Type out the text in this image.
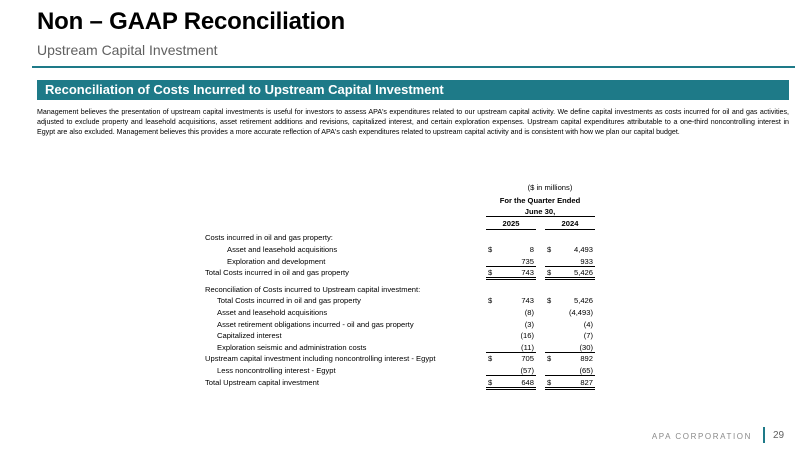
Non – GAAP Reconciliation
Upstream Capital Investment
Reconciliation of Costs Incurred to Upstream Capital Investment
Management believes the presentation of upstream capital investments is useful for investors to assess APA's expenditures related to our upstream capital activity. We define capital investments as costs incurred for oil and gas activities, adjusted to exclude property and leasehold acquisitions, asset retirement additions and revisions, capitalized interest, and certain exploration expenses. Upstream capital expenditures attributable to a one-third noncontrolling interest in Egypt are also excluded. Management believes this provides a more accurate reflection of APA's cash expenditures related to upstream capital activity and is consistent with how we plan our capital budget.
($ in millions)
For the Quarter Ended
June 30,
2025	2024
Costs incurred in oil and gas property:
Asset and leasehold acquisitions	$	8 $	4,493
Exploration and development	735	933
Total Costs incurred in oil and gas property	$	743 $	5,426
Reconciliation of Costs incurred to Upstream capital investment:
Total Costs incurred in oil and gas property	$	743 $	5,426
Asset and leasehold acquisitions	(8)	(4,493)
Asset retirement obligations incurred - oil and gas property	(3)	(4)
Capitalized interest	(16)	(7)
Exploration seismic and administration costs	(11)	(30)
Upstream capital investment including noncontrolling interest - Egypt	$	705 $	892
Less noncontrolling interest - Egypt	(57)	(65)
Total Upstream capital investment	$	648 $	827
APA CORPORATION 29
